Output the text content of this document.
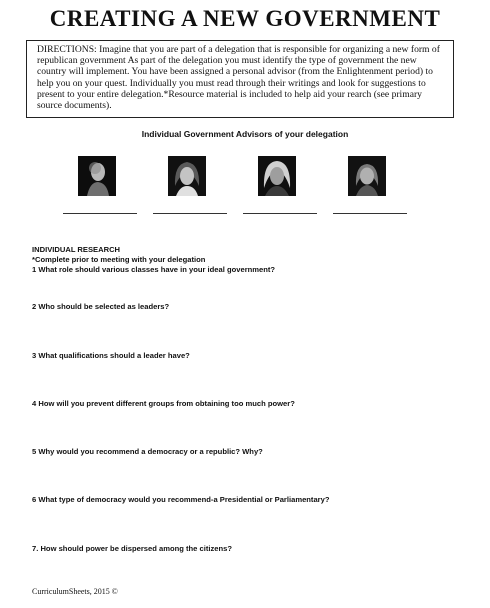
CREATING A NEW GOVERNMENT
DIRECTIONS: Imagine that you are part of a delegation that is responsible for organizing a new form of republican government As part of the delegation you must identify the type of government the new country will implement. You have been assigned a personal advisor (from the Enlightenment period) to help you on your quest. Individually you must read through their writings and look for suggestions to present to your entire delegation.*Resource material is included to help aid your rearch (see primary source documents).
Individual Government Advisors of your delegation
INDIVIDUAL RESEARCH
*Complete prior to meeting with your delegation
1 What role should various classes have in your ideal government?
2 Who should be selected as leaders?
3 What qualifications should a leader have?
4 How will you prevent different groups from obtaining too much power?
5 Why would you recommend a democracy or a republic? Why?
6 What type of democracy would you recommend-a Presidential or Parliamentary?
7. How should power be dispersed among the citizens?
CurriculumSheets, 2015 ©
